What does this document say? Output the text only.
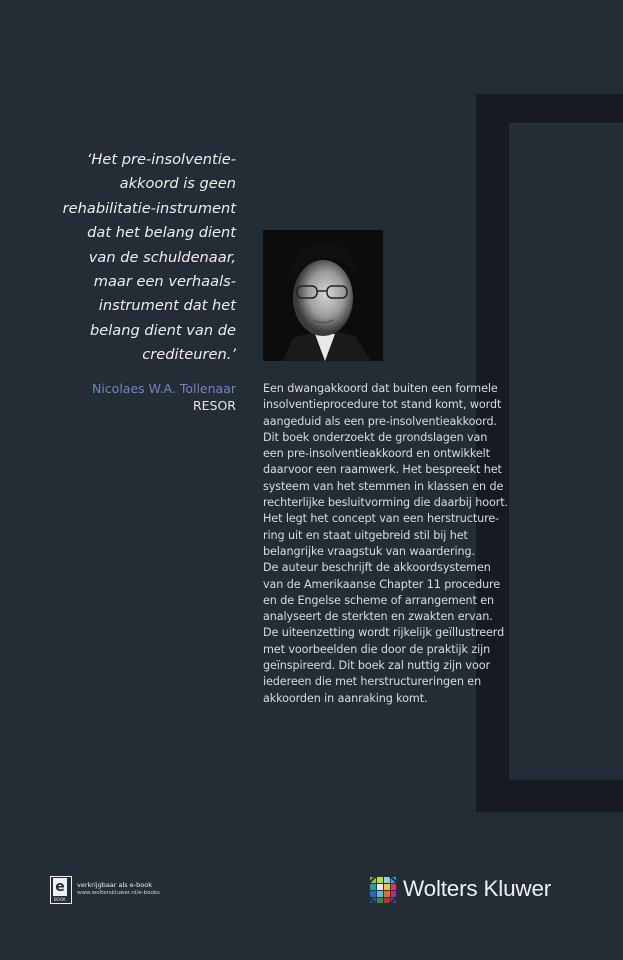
‘Het pre-insolventie-
akkoord is geen
rehabilitatie-instrument
dat het belang dient
van de schuldenaar,
maar een verhaals-
instrument dat het
belang dient van de
crediteuren.’

Nicolaes W.A. Tollenaar
RESOR

Een dwangakkoord dat buiten een formele
insolventieprocedure tot stand komt, wordt
aangeduid als een pre-insolventieakkoord.
Dit boek onderzoekt de grondslagen van
een pre-insolventieakkoord en ontwikkelt
daarvoor een raamwerk. Het bespreekt het
systeem van het stemmen in klassen en de
rechterlijke besluitvorming die daarbij hoort.
Het legt het concept van een herstructure-
ring uit en staat uitgebreid stil bij het
belangrijke vraagstuk van waardering.
De auteur beschrijft de akkoordsystemen
van de Amerikaanse Chapter 11 procedure
en de Engelse scheme of arrangement en
analyseert de sterkten en zwakten ervan.
De uiteenzetting wordt rijkelijk geïllustreerd
met voorbeelden die door de praktijk zijn
geïnspireerd. Dit boek zal nuttig zijn voor
iedereen die met herstructureringen en
akkoorden in aanraking komt.

e
BOOK
verkrijgbaar als e-book
www.wolterskluwer.nl/e-books	Wolters Kluwer
